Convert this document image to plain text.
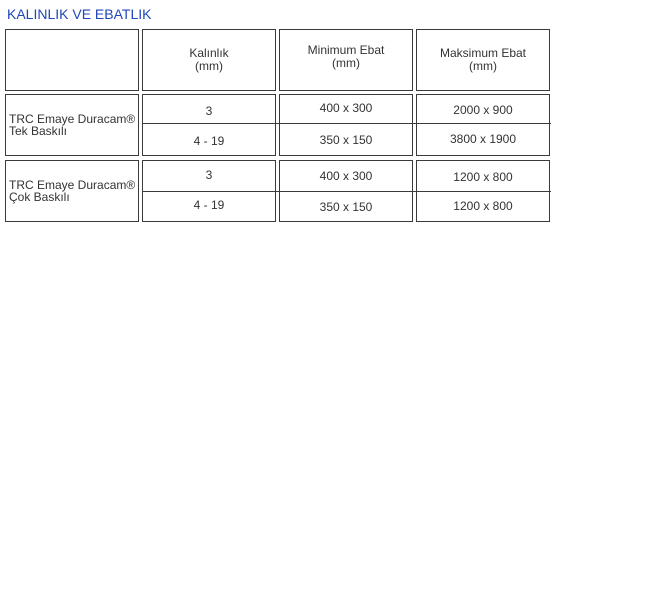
KALINLIK VE EBATLIK
Kalınlık
(mm)
Minimum Ebat
(mm)
Maksimum Ebat
(mm)
TRC Emaye Duracam®
Tek Baskılı
3
4 - 19
400 x 300
350 x 150
2000 x 900
3800 x 1900
TRC Emaye Duracam®
Çok Baskılı
3
4 - 19
400 x 300
350 x 150
1200 x 800
1200 x 800
